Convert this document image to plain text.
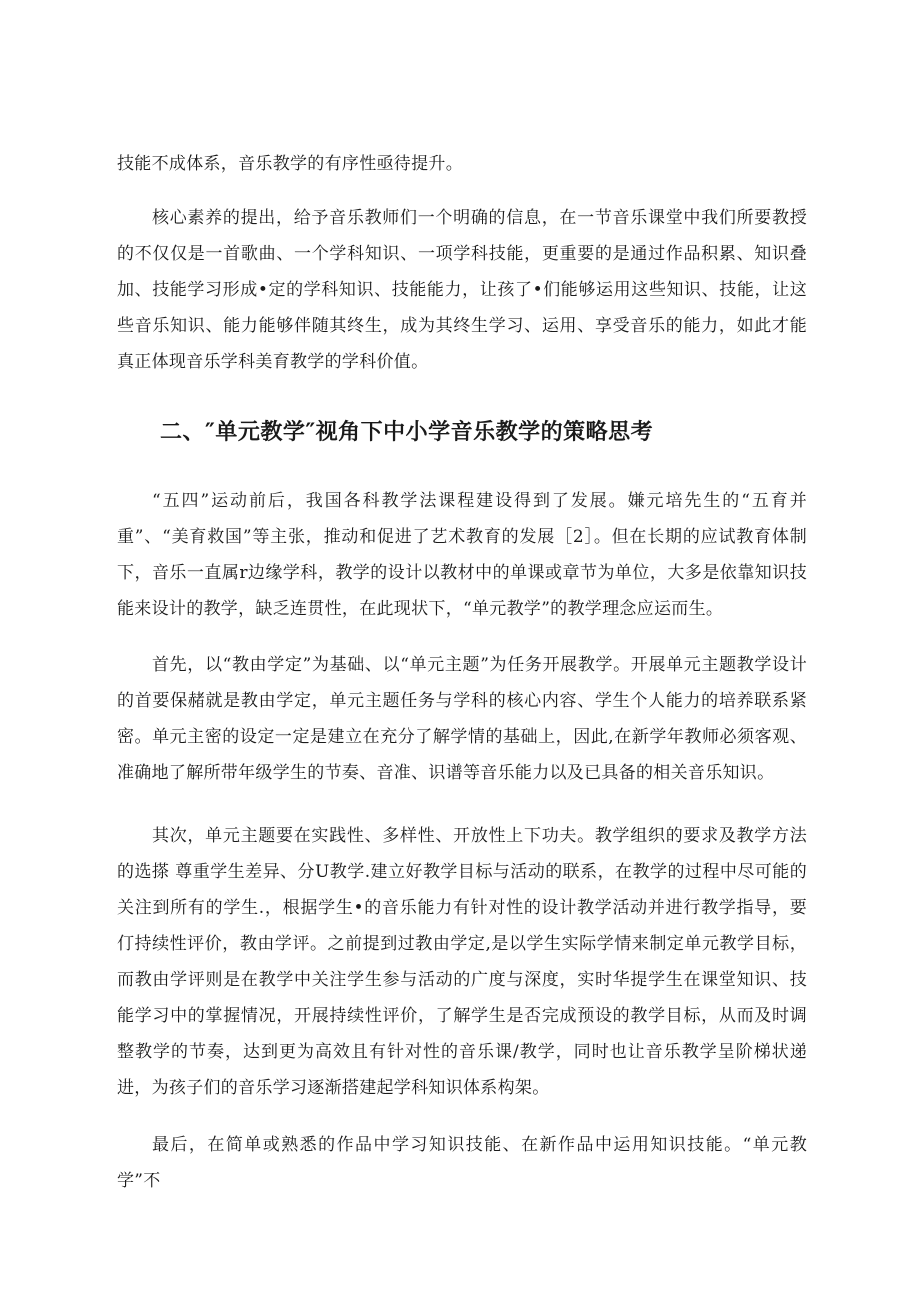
技能不成体系，音乐教学的有序性亟待提升。

核心素养的提出，给予音乐教师们一个明确的信息，在一节音乐课堂中我们所要教授的不仅仅是一首歌曲、一个学科知识、一项学科技能，更重要的是通过作品积累、知识叠加、技能学习形成•定的学科知识、技能能力，让孩了•们能够运用这些知识、技能，让这些音乐知识、能力能够伴随其终生，成为其终生学习、运用、享受音乐的能力，如此才能真正体现音乐学科美育教学的学科价值。

二、″单元教学″视角下中小学音乐教学的策略思考

“五四”运动前后，我国各科教学法课程建设得到了发展。嫌元培先生的“五育并重”、“美育救国”等主张，推动和促进了艺术教育的发展［2］。但在长期的应试教育体制下，音乐一直属r边缘学科，教学的设计以教材中的单课或章节为单位，大多是依靠知识技能来设计的教学，缺乏连贯性，在此现状下，“单元教学”的教学理念应运而生。

首先，以“教由学定”为基础、以“单元主题”为任务开展教学。开展单元主题教学设计的首要保赭就是教由学定，单元主题任务与学科的核心内容、学生个人能力的培养联系紧密。单元主密的设定一定是建立在充分了解学情的基础上，因此,在新学年教师必须客观、准确地了解所带年级学生的节奏、音准、识谱等音乐能力以及已具备的相关音乐知识。

其次，单元主题要在实践性、多样性、开放性上下功夫。教学组织的要求及教学方法的选搽 尊重学生差异、分U教学.建立好教学目标与活动的联系，在教学的过程中尽可能的关注到所有的学生.，根据学生•的音乐能力有针对性的设计教学活动并进行教学指导，要仃持续性评价，教由学评。之前提到过教由学定,是以学生实际学情来制定单元教学目标，而教由学评则是在教学中关注学生参与活动的广度与深度，实时华提学生在课堂知识、技能学习中的掌握情况，开展持续性评价，了解学生是否完成预设的教学目标，从而及时调整教学的节奏，达到更为高效且有针对性的音乐课/教学，同时也让音乐教学呈阶梯状递进，为孩子们的音乐学习逐渐搭建起学科知识体系构架。

最后，在简单或熟悉的作品中学习知识技能、在新作品中运用知识技能。“单元教学”不
